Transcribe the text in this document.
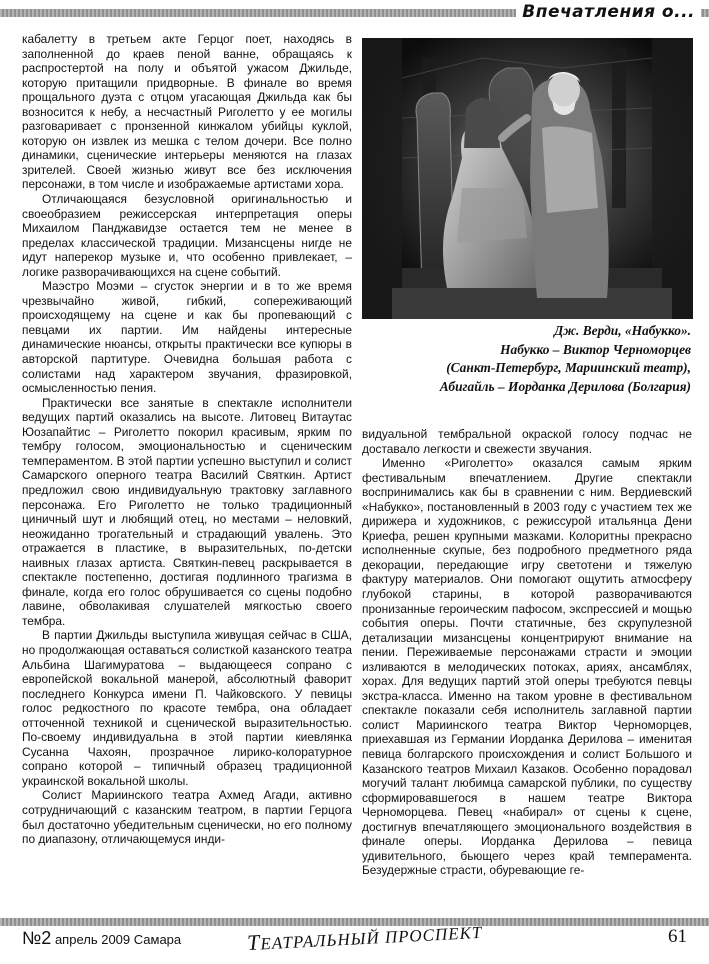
Впечатления о...

кабалетту в третьем акте Герцог поет, находясь в заполненной до краев пеной ванне, обращаясь к распростертой на полу и объятой ужасом Джильде, которую притащили придворные. В финале во время прощального дуэта с отцом угасающая Джильда как бы возносится к небу, а несчастный Риголетто у ее могилы разговаривает с пронзенной кинжалом убийцы куклой, которую он извлек из мешка с телом дочери. Все полно динамики, сценические интерьеры меняются на глазах зрителей. Своей жизнью живут все без исключения персонажи, в том числе и изображаемые артистами хора.

Отличающаяся безусловной оригинальностью и своеобразием режиссерская интерпретация оперы Михаилом Панджавидзе остается тем не менее в пределах классической традиции. Мизансцены нигде не идут наперекор музыке и, что особенно привлекает, – логике разворачивающихся на сцене событий.

Маэстро Моэми – сгусток энергии и в то же время чрезвычайно живой, гибкий, сопереживающий происходящему на сцене и как бы пропевающий с певцами их партии. Им найдены интересные динамические нюансы, открыты практически все купюры в авторской партитуре. Очевидна большая работа с солистами над характером звучания, фразировкой, осмысленностью пения.

Практически все занятые в спектакле исполнители ведущих партий оказались на высоте. Литовец Витаутас Юозапайтис – Риголетто покорил красивым, ярким по тембру голосом, эмоциональностью и сценическим темпераментом. В этой партии успешно выступил и солист Самарского оперного театра Василий Святкин. Артист предложил свою индивидуальную трактовку заглавного персонажа. Его Риголетто не только традиционный циничный шут и любящий отец, но местами – неловкий, неожиданно трогательный и страдающий увалень. Это отражается в пластике, в выразительных, по-детски наивных глазах артиста. Святкин-певец раскрывается в спектакле постепенно, достигая подлинного трагизма в финале, когда его голос обрушивается со сцены подобно лавине, обволакивая слушателей мягкостью своего тембра.

В партии Джильды выступила живущая сейчас в США, но продолжающая оставаться солисткой казанского театра Альбина Шагимуратова – выдающееся сопрано с европейской вокальной манерой, абсолютный фаворит последнего Конкурса имени П. Чайковского. У певицы голос редкостного по красоте тембра, она обладает отточенной техникой и сценической выразительностью. По-своему индивидуальна в этой партии киевлянка Сусанна Чахоян, прозрачное лирико-колоратурное сопрано которой – типичный образец традиционной украинской вокальной школы.

Солист Мариинского театра Ахмед Агади, активно сотрудничающий с казанским театром, в партии Герцога был достаточно убедительным сценически, но его полному по диапазону, отличающемуся инди-

Дж. Верди, «Набукко».
Набукко – Виктор Черноморцев
(Санкт-Петербург, Мариинский театр),
Абигайль – Иорданка Дерилова (Болгария)

видуальной тембральной окраской голосу подчас не доставало легкости и свежести звучания.

Именно «Риголетто» оказался самым ярким фестивальным впечатлением. Другие спектакли воспринимались как бы в сравнении с ним. Вердиевский «Набукко», постановленный в 2003 году с участием тех же дирижера и художников, с режиссурой итальянца Дени Криефа, решен крупными мазками. Колоритны прекрасно исполненные скупые, без подробного предметного ряда декорации, передающие игру светотени и тяжелую фактуру материалов. Они помогают ощутить атмосферу глубокой старины, в которой разворачиваются пронизанные героическим пафосом, экспрессией и мощью события оперы. Почти статичные, без скрупулезной детализации мизансцены концентрируют внимание на пении. Переживаемые персонажами страсти и эмоции изливаются в мелодических потоках, ариях, ансамблях, хорах. Для ведущих партий этой оперы требуются певцы экстра-класса. Именно на таком уровне в фестивальном спектакле показали себя исполнитель заглавной партии солист Мариинского театра Виктор Черноморцев, приехавшая из Германии Иорданка Дерилова – именитая певица болгарского происхождения и солист Большого и Казанского театров Михаил Казаков. Особенно порадовал могучий талант любимца самарской публики, по существу сформировавшегося в нашем театре Виктора Черноморцева. Певец «набирал» от сцены к сцене, достигнув впечатляющего эмоционального воздействия в финале оперы. Иорданка Дерилова – певица удивительного, бьющего через край темперамента. Безудержные страсти, обуревающие ге-

№2 апрель 2009 Самара	ТЕАТРАЛЬНЫЙ ПРОСПЕКТ	61
